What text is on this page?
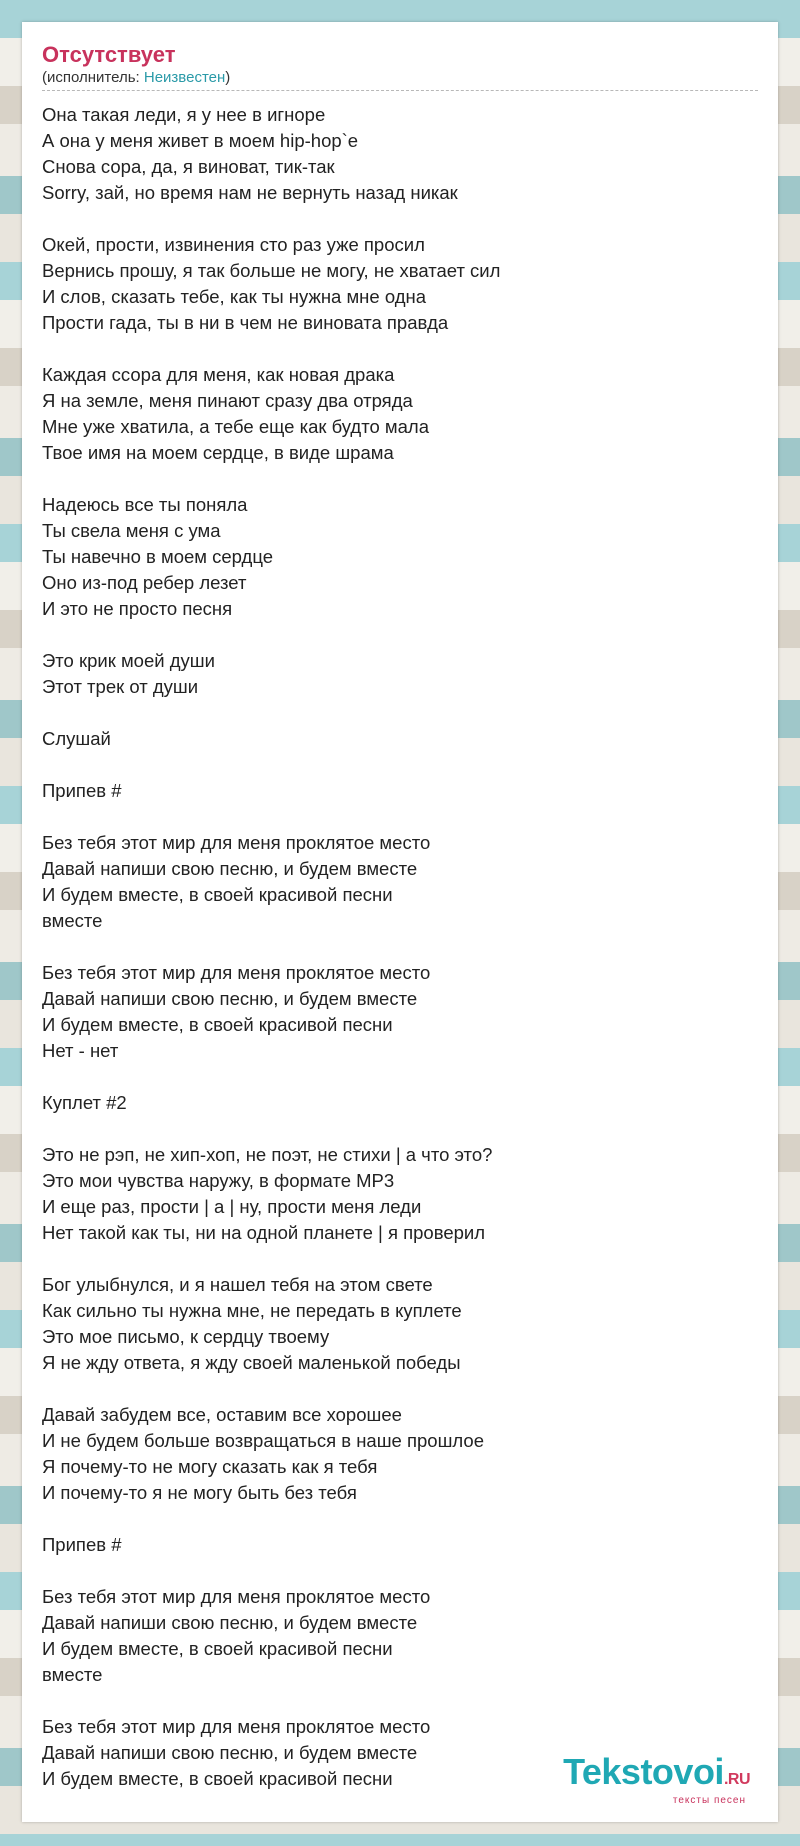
Отсутствует

(исполнитель: Неизвестен)

Она такая леди, я у нее в игноре
А она у меня живет в моем hip-hop`e
Снова сора, да, я виноват, тик-так
Sorry, зай, но время нам не вернуть назад никак
Окей, прости, извинения сто раз уже просил
Вернись прошу, я так больше не могу, не хватает сил
И слов, сказать тебе, как ты нужна мне одна
Прости гада, ты в ни в чем не виновата правда
Каждая ссора для меня, как новая драка
Я на земле, меня пинают сразу два отряда
Мне уже хватила, а тебе еще как будто мала
Твое имя на моем сердце, в виде шрама
Надеюсь все ты поняла
Ты свела меня с ума
Ты навечно в моем сердце
Оно из-под ребер лезет
И это не просто песня
Это крик моей души
Этот трек от души
Слушай
Припев #
Без тебя этот мир для меня проклятое место
Давай напиши свою песню, и будем вместе
И будем вместе, в своей красивой песни
вместе
Без тебя этот мир для меня проклятое место
Давай напиши свою песню, и будем вместе
И будем вместе, в своей красивой песни
Нет - нет
Куплет #2
Это не рэп, не хип-хоп, не поэт, не стихи | а что это?
Это мои чувства наружу, в формате MP3
И еще раз, прости | а | ну, прости меня леди
Нет такой как ты, ни на одной планете | я проверил
Бог улыбнулся, и я нашел тебя на этом свете
Как сильно ты нужна мне, не передать в куплете
Это мое письмо, к сердцу твоему
Я не жду ответа, я жду своей маленькой победы
Давай забудем все, оставим все хорошее
И не будем больше возвращаться в наше прошлое
Я почему-то не могу сказать как я тебя
И почему-то я не могу быть без тебя
Припев #
Без тебя этот мир для меня проклятое место
Давай напиши свою песню, и будем вместе
И будем вместе, в своей красивой песни
вместе
Без тебя этот мир для меня проклятое место
Давай напиши свою песню, и будем вместе
И будем вместе, в своей красивой песни	Tekstovoi.RU
тексты песен
